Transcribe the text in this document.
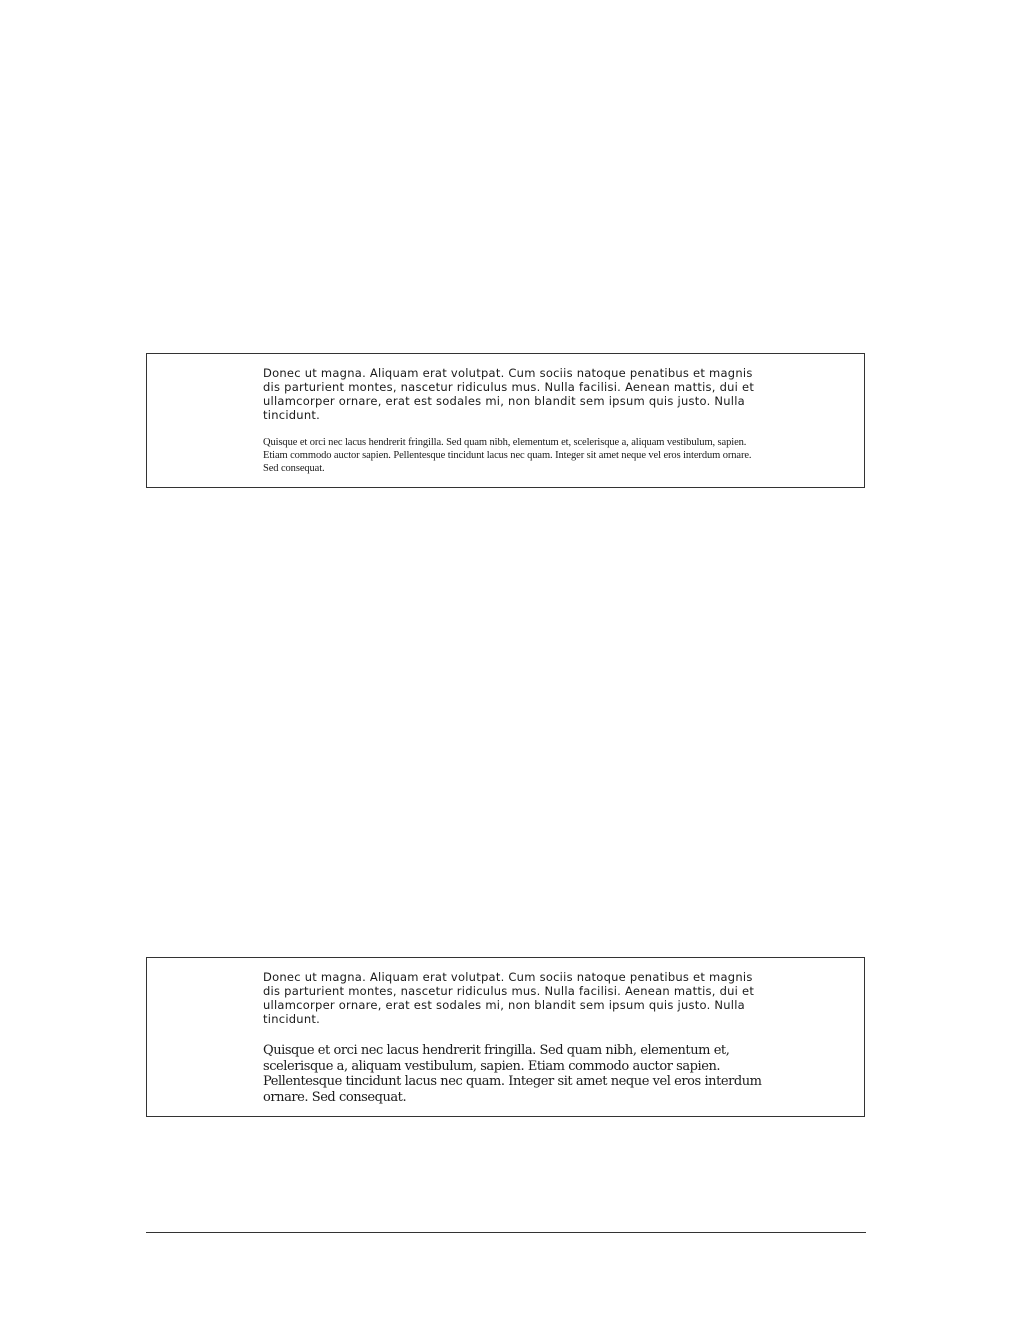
Donec ut magna. Aliquam erat volutpat. Cum sociis natoque penatibus et magnis dis parturient montes, nascetur ridiculus mus. Nulla facilisi. Aenean mattis, dui et ullamcorper ornare, erat est sodales mi, non blandit sem ipsum quis justo. Nulla tincidunt.

Quisque et orci nec lacus hendrerit fringilla. Sed quam nibh, elementum et, scelerisque a, aliquam vestibulum, sapien. Etiam commodo auctor sapien. Pellentesque tincidunt lacus nec quam. Integer sit amet neque vel eros interdum ornare. Sed consequat.

Donec ut magna. Aliquam erat volutpat. Cum sociis natoque penatibus et magnis dis parturient montes, nascetur ridiculus mus. Nulla facilisi. Aenean mattis, dui et ullamcorper ornare, erat est sodales mi, non blandit sem ipsum quis justo. Nulla tincidunt.

Quisque et orci nec lacus hendrerit fringilla. Sed quam nibh, elementum et, scelerisque a, aliquam vestibulum, sapien. Etiam commodo auctor sapien. Pellentesque tincidunt lacus nec quam. Integer sit amet neque vel eros interdum ornare. Sed consequat.
